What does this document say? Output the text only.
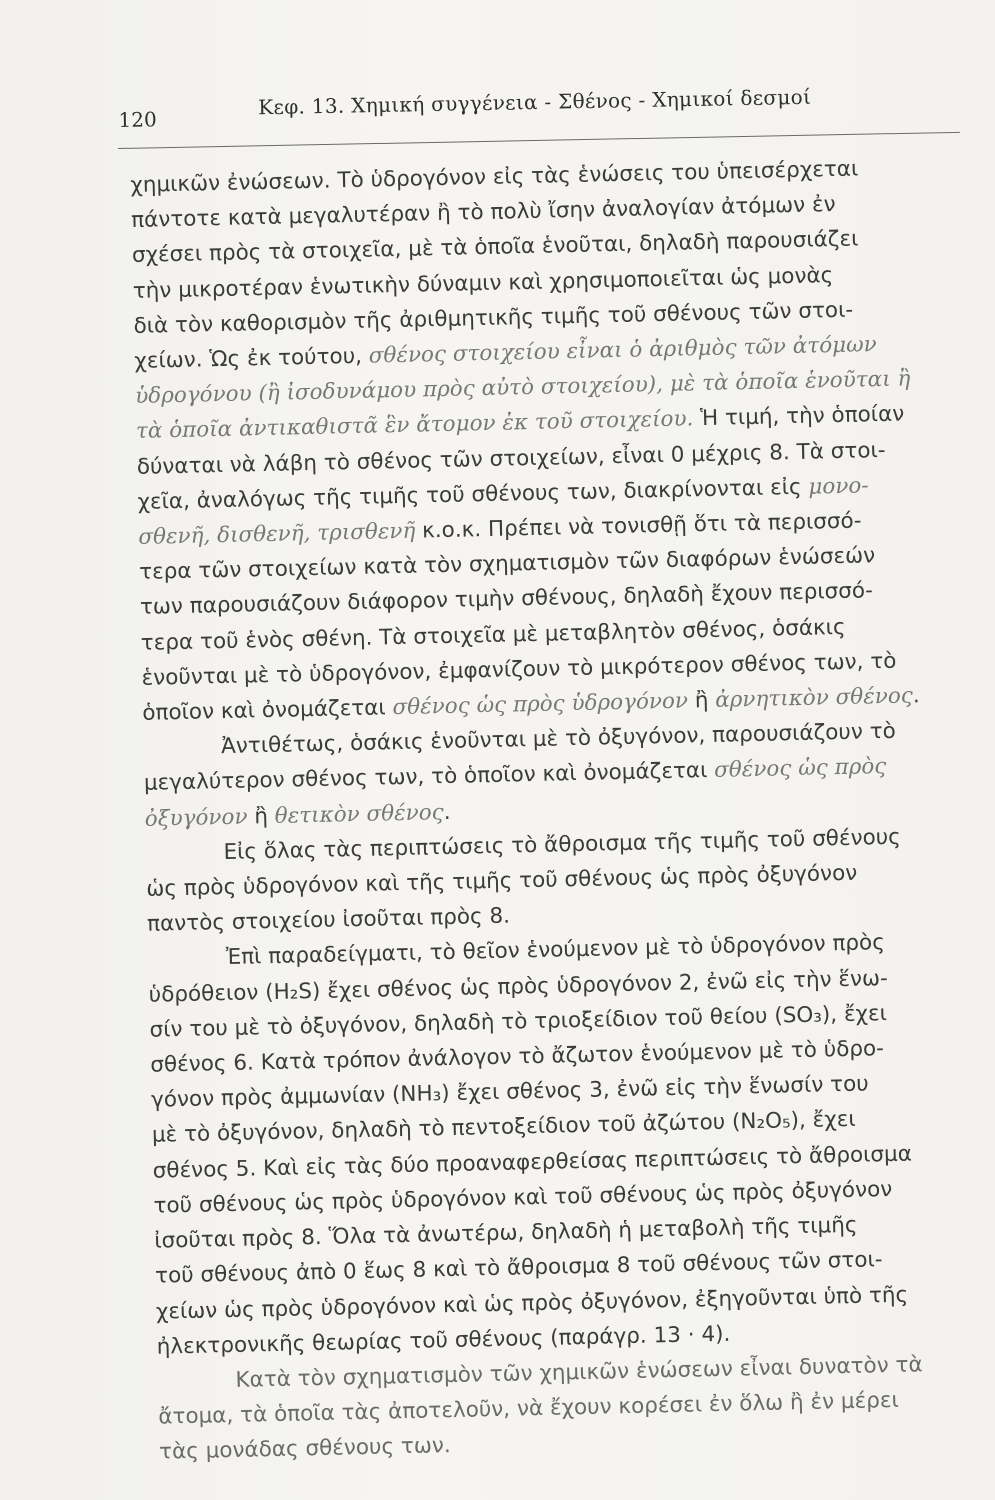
120
Κεφ. 13. Χημική συγγένεια - Σθένος - Χημικοί δεσμοί
χημικῶν ἐνώσεων. Τὸ ὑδρογόνον εἰς τὰς ἑνώσεις του ὑπεισέρχεται
πάντοτε κατὰ μεγαλυτέραν ἢ τὸ πολὺ ἴσην ἀναλογίαν ἀτόμων ἐν
σχέσει πρὸς τὰ στοιχεῖα, μὲ τὰ ὁποῖα ἑνοῦται, δηλαδὴ παρουσιάζει
τὴν μικροτέραν ἑνωτικὴν δύναμιν καὶ χρησιμοποιεῖται ὡς μονὰς
διὰ τὸν καθορισμὸν τῆς ἀριθμητικῆς τιμῆς τοῦ σθένους τῶν στοι-
χείων. Ὡς ἐκ τούτου, σθένος στοιχείου εἶναι ὁ ἀριθμὸς τῶν ἀτόμων
ὑδρογόνου (ἢ ἰσοδυνάμου πρὸς αὐτὸ στοιχείου), μὲ τὰ ὁποῖα ἑνοῦται ἢ
τὰ ὁποῖα ἀντικαθιστᾶ ἓν ἄτομον ἐκ τοῦ στοιχείου. Ἡ τιμή, τὴν ὁποίαν
δύναται νὰ λάβη τὸ σθένος τῶν στοιχείων, εἶναι 0 μέχρις 8. Τὰ στοι-
χεῖα, ἀναλόγως τῆς τιμῆς τοῦ σθένους των, διακρίνονται εἰς μονο-
σθενῆ, δισθενῆ, τρισθενῆ κ.ο.κ. Πρέπει νὰ τονισθῇ ὅτι τὰ περισσό-
τερα τῶν στοιχείων κατὰ τὸν σχηματισμὸν τῶν διαφόρων ἑνώσεών
των παρουσιάζουν διάφορον τιμὴν σθένους, δηλαδὴ ἔχουν περισσό-
τερα τοῦ ἑνὸς σθένη. Τὰ στοιχεῖα μὲ μεταβλητὸν σθένος, ὁσάκις
ἑνοῦνται μὲ τὸ ὑδρογόνον, ἐμφανίζουν τὸ μικρότερον σθένος των, τὸ
ὁποῖον καὶ ὀνομάζεται σθένος ὡς πρὸς ὑδρογόνον ἢ ἀρνητικὸν σθένος.
Ἀντιθέτως, ὁσάκις ἑνοῦνται μὲ τὸ ὀξυγόνον, παρουσιάζουν τὸ
μεγαλύτερον σθένος των, τὸ ὁποῖον καὶ ὀνομάζεται σθένος ὡς πρὸς
ὀξυγόνον ἢ θετικὸν σθένος.
Εἰς ὅλας τὰς περιπτώσεις τὸ ἄθροισμα τῆς τιμῆς τοῦ σθένους
ὡς πρὸς ὑδρογόνον καὶ τῆς τιμῆς τοῦ σθένους ὡς πρὸς ὀξυγόνον
παντὸς στοιχείου ἰσοῦται πρὸς 8.
Ἐπὶ παραδείγματι, τὸ θεῖον ἑνούμενον μὲ τὸ ὑδρογόνον πρὸς
ὑδρόθειον (H₂S) ἔχει σθένος ὡς πρὸς ὑδρογόνον 2, ἐνῶ εἰς τὴν ἕνω-
σίν του μὲ τὸ ὀξυγόνον, δηλαδὴ τὸ τριοξείδιον τοῦ θείου (SO₃), ἔχει
σθένος 6. Κατὰ τρόπον ἀνάλογον τὸ ἄζωτον ἑνούμενον μὲ τὸ ὑδρο-
γόνον πρὸς ἀμμωνίαν (NH₃) ἔχει σθένος 3, ἐνῶ εἰς τὴν ἕνωσίν του
μὲ τὸ ὀξυγόνον, δηλαδὴ τὸ πεντοξείδιον τοῦ ἀζώτου (N₂O₅), ἔχει
σθένος 5. Καὶ εἰς τὰς δύο προαναφερθείσας περιπτώσεις τὸ ἄθροισμα
τοῦ σθένους ὡς πρὸς ὑδρογόνον καὶ τοῦ σθένους ὡς πρὸς ὀξυγόνον
ἰσοῦται πρὸς 8. Ὅλα τὰ ἀνωτέρω, δηλαδὴ ἡ μεταβολὴ τῆς τιμῆς
τοῦ σθένους ἀπὸ 0 ἕως 8 καὶ τὸ ἄθροισμα 8 τοῦ σθένους τῶν στοι-
χείων ὡς πρὸς ὑδρογόνον καὶ ὡς πρὸς ὀξυγόνον, ἐξηγοῦνται ὑπὸ τῆς
ἠλεκτρονικῆς θεωρίας τοῦ σθένους (παράγρ. 13 · 4).
Κατὰ τὸν σχηματισμὸν τῶν χημικῶν ἑνώσεων εἶναι δυνατὸν τὰ
ἄτομα, τὰ ὁποῖα τὰς ἀποτελοῦν, νὰ ἔχουν κορέσει ἐν ὅλω ἢ ἐν μέρει
τὰς μονάδας σθένους των.
